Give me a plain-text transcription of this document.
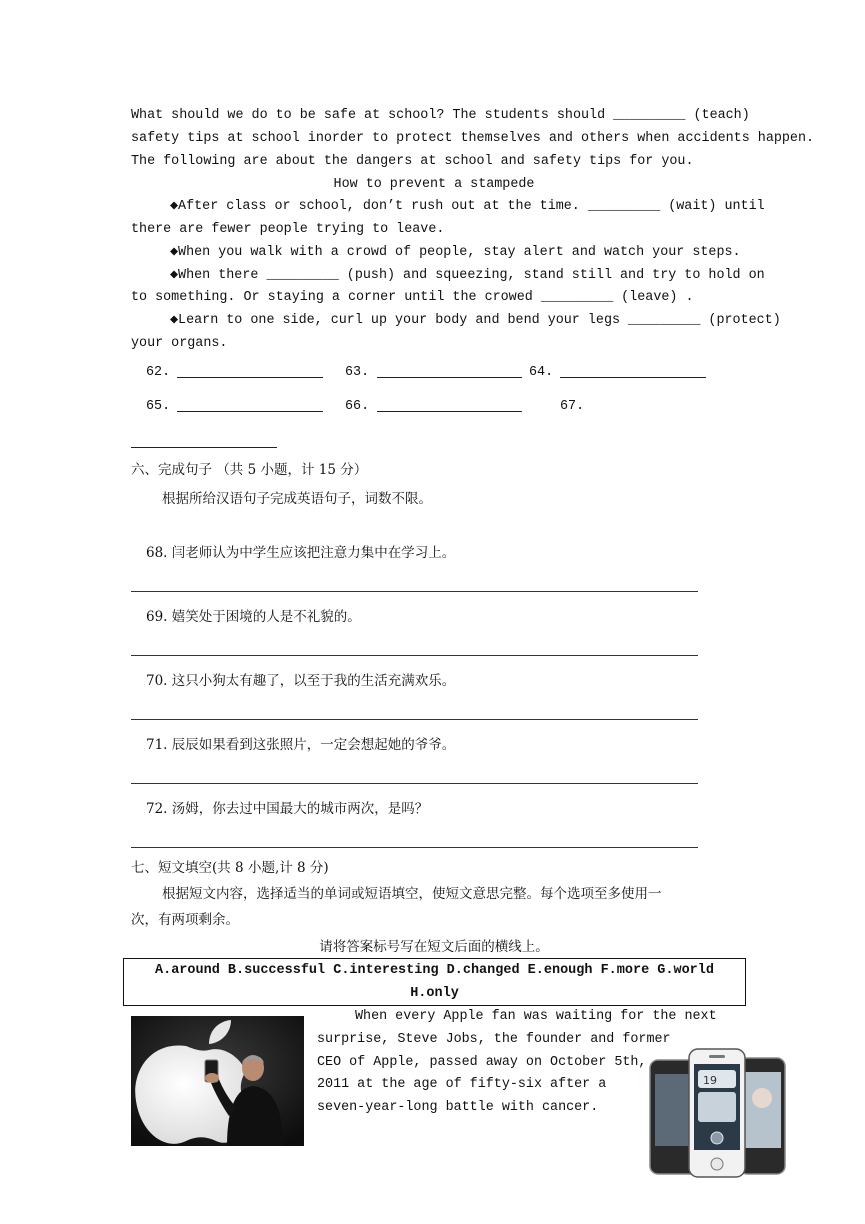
What should we do to be safe at school? The students should _________ (teach)
safety tips at school inorder to protect themselves and others when accidents happen.
The following are about the dangers at school and safety tips for you.
How to prevent a stampede
◆After class or school, don’t rush out at the time. _________ (wait) until
there are fewer people trying to leave.
◆When you walk with a crowd of people, stay alert and watch your steps.
◆When there _________ (push) and squeezing, stand still and try to hold on
to something. Or staying a corner until the crowed _________ (leave) .
◆Learn to one side, curl up your body and bend your legs _________ (protect)
your organs.
62.	63.	64.
65.	66.	67.
六、完成句子 （共 5 小题，计 15 分）
根据所给汉语句子完成英语句子，词数不限。
68. 闫老师认为中学生应该把注意力集中在学习上。
69. 嬉笑处于困境的人是不礼貌的。
70. 这只小狗太有趣了，以至于我的生活充满欢乐。
71. 辰辰如果看到这张照片，一定会想起她的爷爷。
72. 汤姆，你去过中国最大的城市两次，是吗？
七、短文填空(共 8 小题,计 8 分)
根据短文内容，选择适当的单词或短语填空，使短文意思完整。每个选项至多使用一
次，有两项剩余。
请将答案标号写在短文后面的横线上。
A.around B.successful C.interesting D.changed E.enough F.more G.world
H.only
When every Apple fan was waiting for the next
surprise, Steve Jobs, the founder and former
CEO of Apple, passed away on October 5th,
2011 at the age of fifty-six after a
seven-year-long battle with cancer.
19
